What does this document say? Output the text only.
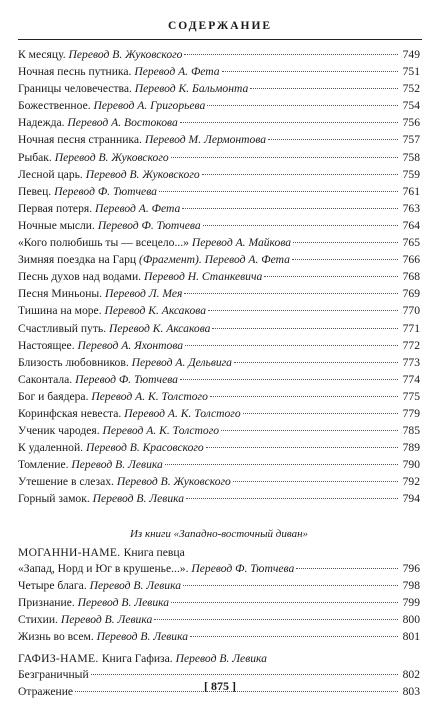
СОДЕРЖАНИЕ
К месяцу. Перевод В. Жуковского	749
Ночная песнь путника. Перевод А. Фета	751
Границы человечества. Перевод К. Бальмонта	752
Божественное. Перевод А. Григорьева	754
Надежда. Перевод А. Востокова	756
Ночная песня странника. Перевод М. Лермонтова	757
Рыбак. Перевод В. Жуковского	758
Лесной царь. Перевод В. Жуковского	759
Певец. Перевод Ф. Тютчева	761
Первая потеря. Перевод А. Фета	763
Ночные мысли. Перевод Ф. Тютчева	764
«Кого полюбишь ты — всецело...» Перевод А. Майкова	765
Зимняя поездка на Гарц (Фрагмент). Перевод А. Фета	766
Песнь духов над водами. Перевод Н. Станкевича	768
Песня Миньоны. Перевод Л. Мея	769
Тишина на море. Перевод К. Аксакова	770
Счастливый путь. Перевод К. Аксакова	771
Настоящее. Перевод А. Яхонтова	772
Близость любовников. Перевод А. Дельвига	773
Саконтала. Перевод Ф. Тютчева	774
Бог и баядера. Перевод А. К. Толстого	775
Коринфская невеста. Перевод А. К. Толстого	779
Ученик чародея. Перевод А. К. Толстого	785
К удаленной. Перевод В. Красовского	789
Томление. Перевод В. Левика	790
Утешение в слезах. Перевод В. Жуковского	792
Горный замок. Перевод В. Левика	794
Из книги «Западно-восточный диван»
МОГАННИ-НАМЕ. Книга певца
«Запад, Норд и Юг в крушенье...». Перевод Ф. Тютчева	796
Четыре блага. Перевод В. Левика	798
Признание. Перевод В. Левика	799
Стихии. Перевод В. Левика	800
Жизнь во всем. Перевод В. Левика	801
ГАФИЗ-НАМЕ. Книга Гафиза. Перевод В. Левика
Безграничный	802
Отражение	803
[ 875 ]
